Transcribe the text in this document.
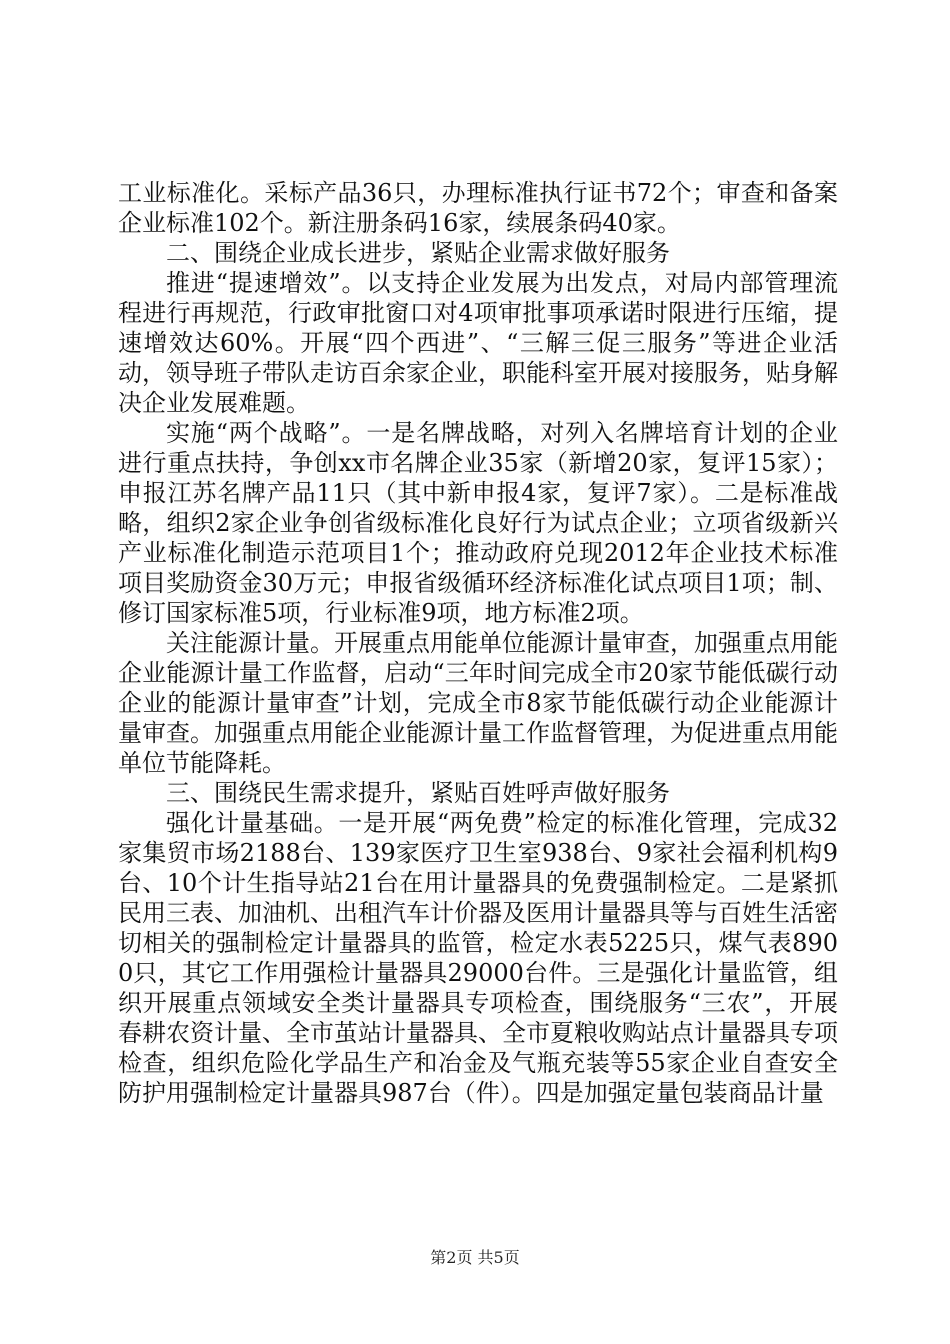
工业标准化。采标产品36只，办理标准执行证书72个；审查和备案企业标准102个。新注册条码16家，续展条码40家。

二、围绕企业成长进步，紧贴企业需求做好服务

推进“提速增效”。以支持企业发展为出发点，对局内部管理流程进行再规范，行政审批窗口对4项审批事项承诺时限进行压缩，提速增效达60%。开展“四个西进”、“三解三促三服务”等进企业活动，领导班子带队走访百余家企业，职能科室开展对接服务，贴身解决企业发展难题。

实施“两个战略”。一是名牌战略，对列入名牌培育计划的企业进行重点扶持，争创xx市名牌企业35家（新增20家，复评15家）；申报江苏名牌产品11只（其中新申报4家，复评7家）。二是标准战略，组织2家企业争创省级标准化良好行为试点企业；立项省级新兴产业标准化制造示范项目1个；推动政府兑现2012年企业技术标准项目奖励资金30万元；申报省级循环经济标准化试点项目1项；制、修订国家标准5项，行业标准9项，地方标准2项。

关注能源计量。开展重点用能单位能源计量审查，加强重点用能企业能源计量工作监督，启动“三年时间完成全市20家节能低碳行动企业的能源计量审查”计划，完成全市8家节能低碳行动企业能源计量审查。加强重点用能企业能源计量工作监督管理，为促进重点用能单位节能降耗。

三、围绕民生需求提升，紧贴百姓呼声做好服务

强化计量基础。一是开展“两免费”检定的标准化管理，完成32家集贸市场2188台、139家医疗卫生室938台、9家社会福利机构9台、10个计生指导站21台在用计量器具的免费强制检定。二是紧抓民用三表、加油机、出租汽车计价器及医用计量器具等与百姓生活密切相关的强制检定计量器具的监管，检定水表5225只，煤气表8900只，其它工作用强检计量器具29000台件。三是强化计量监管，组织开展重点领域安全类计量器具专项检查，围绕服务“三农”，开展春耕农资计量、全市茧站计量器具、全市夏粮收购站点计量器具专项检查，组织危险化学品生产和冶金及气瓶充装等55家企业自查安全防护用强制检定计量器具987台（件）。四是加强定量包装商品计量

第2页 共5页
